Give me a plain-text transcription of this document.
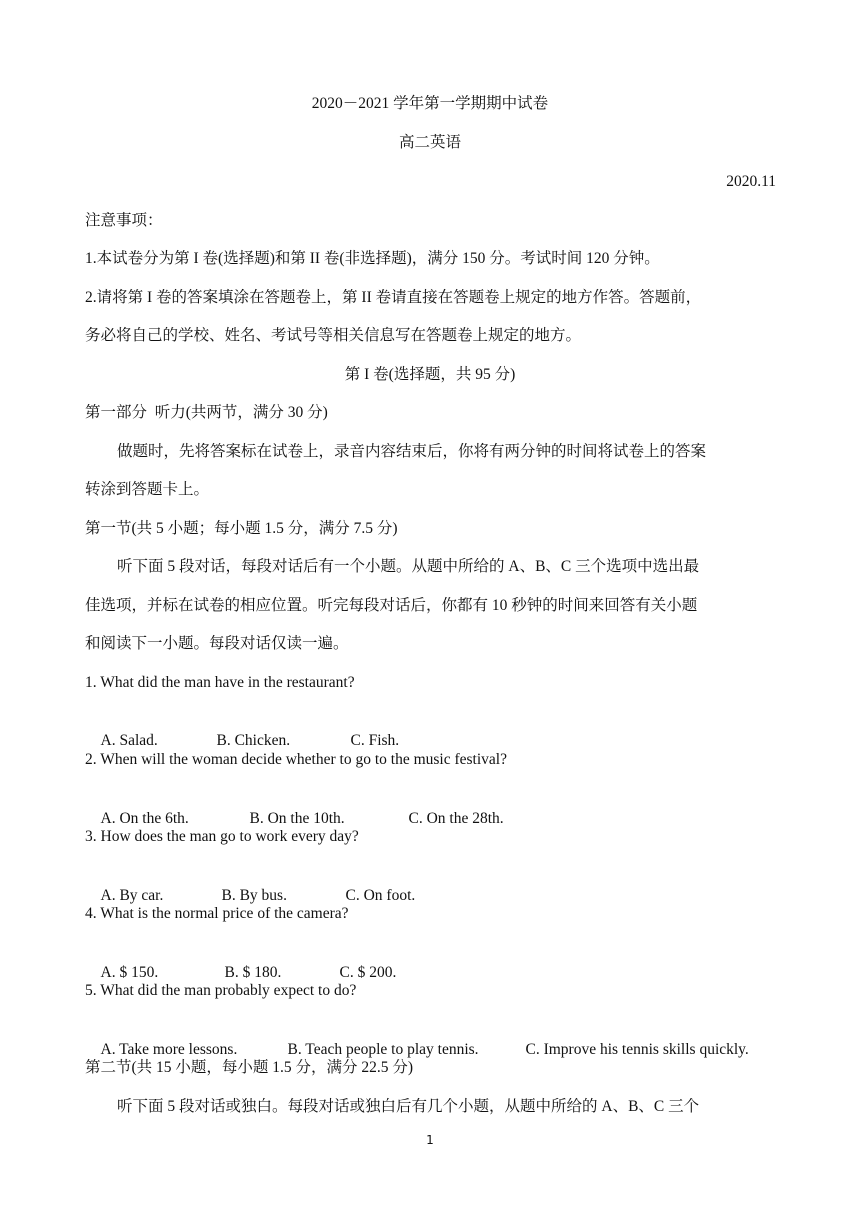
2020－2021 学年第一学期期中试卷
高二英语
2020.11
注意事项：
1.本试卷分为第 I 卷(选择题)和第 II 卷(非选择题)，满分 150 分。考试时间 120 分钟。
2.请将第 I 卷的答案填涂在答题卷上，第 II 卷请直接在答题卷上规定的地方作答。答题前，
务必将自己的学校、姓名、考试号等相关信息写在答题卷上规定的地方。
第 I 卷(选择题，共 95 分)
第一部分  听力(共两节，满分 30 分)
做题时，先将答案标在试卷上，录音内容结束后，你将有两分钟的时间将试卷上的答案
转涂到答题卡上。
第一节(共 5 小题；每小题 1.5 分，满分 7.5 分)
听下面 5 段对话，每段对话后有一个小题。从题中所给的 A、B、C 三个选项中选出最
佳选项，并标在试卷的相应位置。听完每段对话后，你都有 10 秒钟的时间来回答有关小题
和阅读下一小题。每段对话仅读一遍。
1. What did the man have in the restaurant?

A. Salad.	B. Chicken.	C. Fish.

2. When will the woman decide whether to go to the music festival?

A. On the 6th.	B. On the 10th.	C. On the 28th.

3. How does the man go to work every day?

A. By car.	B. By bus.	C. On foot.

4. What is the normal price of the camera?

A. $ 150.	B. $ 180.	C. $ 200.

5. What did the man probably expect to do?

A. Take more lessons.	B. Teach people to play tennis.	C. Improve his tennis skills quickly.

第二节(共 15 小题，每小题 1.5 分，满分 22.5 分)
听下面 5 段对话或独白。每段对话或独白后有几个小题，从题中所给的 A、B、C 三个
1
